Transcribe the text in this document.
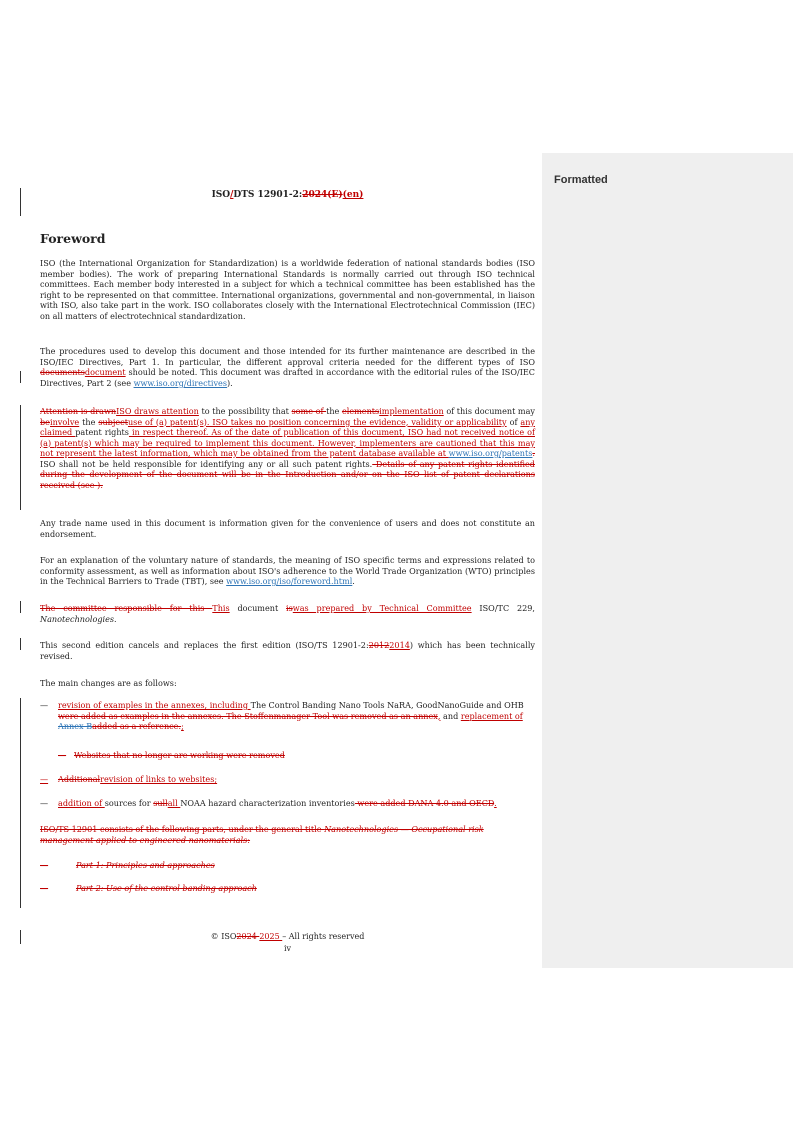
Formatted
ISO/DTS 12901-2:2024(E)(en)
Foreword
ISO (the International Organization for Standardization) is a worldwide federation of national standards bodies (ISO member bodies). The work of preparing International Standards is normally carried out through ISO technical committees. Each member body interested in a subject for which a technical committee has been established has the right to be represented on that committee. International organizations, governmental and non-governmental, in liaison with ISO, also take part in the work. ISO collaborates closely with the International Electrotechnical Commission (IEC) on all matters of electrotechnical standardization.
The procedures used to develop this document and those intended for its further maintenance are described in the ISO/IEC Directives, Part 1. In particular, the different approval criteria needed for the different types of ISO documentsdocument should be noted. This document was drafted in accordance with the editorial rules of the ISO/IEC Directives, Part 2 (see www.iso.org/directives).
Attention is drawnISO draws attention to the possibility that some of the elementsimplementation of this document may beinvolve the subjectuse of (a) patent(s). ISO takes no position concerning the evidence, validity or applicability of any claimed patent rights in respect thereof. As of the date of publication of this document, ISO had not received notice of (a) patent(s) which may be required to implement this document. However, implementers are cautioned that this may not represent the latest information, which may be obtained from the patent database available at www.iso.org/patents. ISO shall not be held responsible for identifying any or all such patent rights. Details of any patent rights identified during the development of the document will be in the Introduction and/or on the ISO list of patent declarations received (see ).
Any trade name used in this document is information given for the convenience of users and does not constitute an endorsement.
For an explanation of the voluntary nature of standards, the meaning of ISO specific terms and expressions related to conformity assessment, as well as information about ISO's adherence to the World Trade Organization (WTO) principles in the Technical Barriers to Trade (TBT), see www.iso.org/iso/foreword.html.
The committee responsible for this This document iswas prepared by Technical Committee ISO/TC 229, Nanotechnologies.
This second edition cancels and replaces the first edition (ISO/TS 12901-2:20122014) which has been technically revised.
The main changes are as follows:
— revision of examples in the annexes, including The Control Banding Nano Tools NaRA, GoodNanoGuide and OHB were added as examples in the annexes. The Stoffenmanager Tool was removed as an annex, and replacement of Annex Badded as a reference.;
— Websites that no longer are working were removed
— Additionalrevision of links to websites;
— addition of sources for sullall NOAA hazard characterization inventories were added DANA 4.0 and OECD.
ISO/TS 12901 consists of the following parts, under the general title Nanotechnologies — Occupational risk management applied to engineered nanomaterials:
—	Part 1: Principles and approaches
—	Part 2: Use of the control banding approach
© ISO2024 2025 – All rights reserved
iv
